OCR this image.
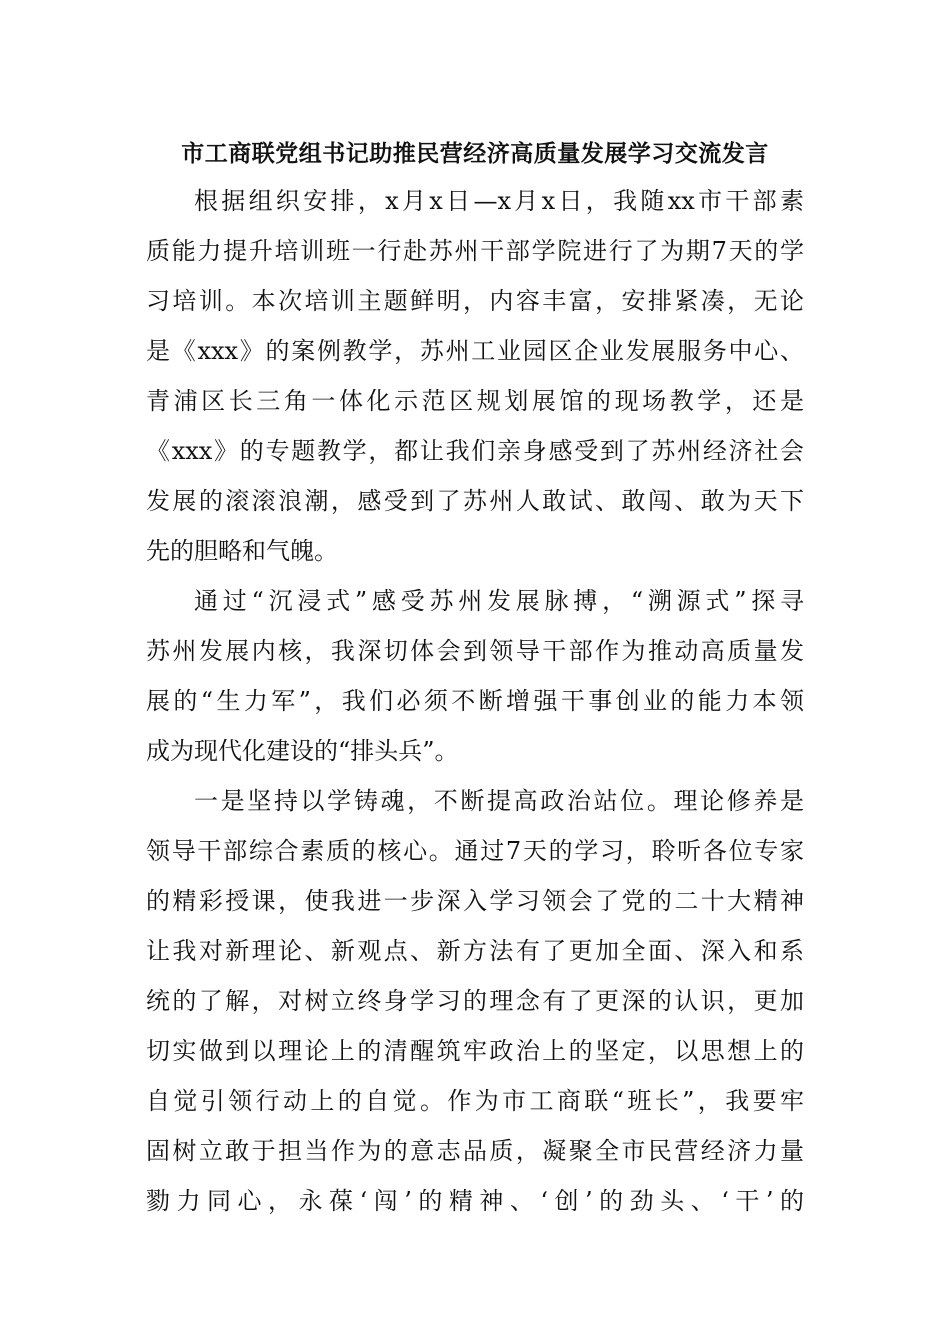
市工商联党组书记助推民营经济高质量发展学习交流发言
根据组织安排，x月x日—x月x日，我随xx市干部素
质能力提升培训班一行赴苏州干部学院进行了为期7天的学
习培训。本次培训主题鲜明，内容丰富，安排紧凑，无论
是《xxx》的案例教学，苏州工业园区企业发展服务中心、
青浦区长三角一体化示范区规划展馆的现场教学，还是
《xxx》的专题教学，都让我们亲身感受到了苏州经济社会
发展的滚滚浪潮，感受到了苏州人敢试、敢闯、敢为天下
先的胆略和气魄。
通过“沉浸式”感受苏州发展脉搏，“溯源式”探寻
苏州发展内核，我深切体会到领导干部作为推动高质量发
展的“生力军”，我们必须不断增强干事创业的能力本领
成为现代化建设的“排头兵”。
一是坚持以学铸魂，不断提高政治站位。理论修养是
领导干部综合素质的核心。通过7天的学习，聆听各位专家
的精彩授课，使我进一步深入学习领会了党的二十大精神
让我对新理论、新观点、新方法有了更加全面、深入和系
统的了解，对树立终身学习的理念有了更深的认识，更加
切实做到以理论上的清醒筑牢政治上的坚定，以思想上的
自觉引领行动上的自觉。作为市工商联“班长”，我要牢
固树立敢于担当作为的意志品质，凝聚全市民营经济力量
勠力同心，永葆‘闯’的精神、‘创’的劲头、‘干’的
